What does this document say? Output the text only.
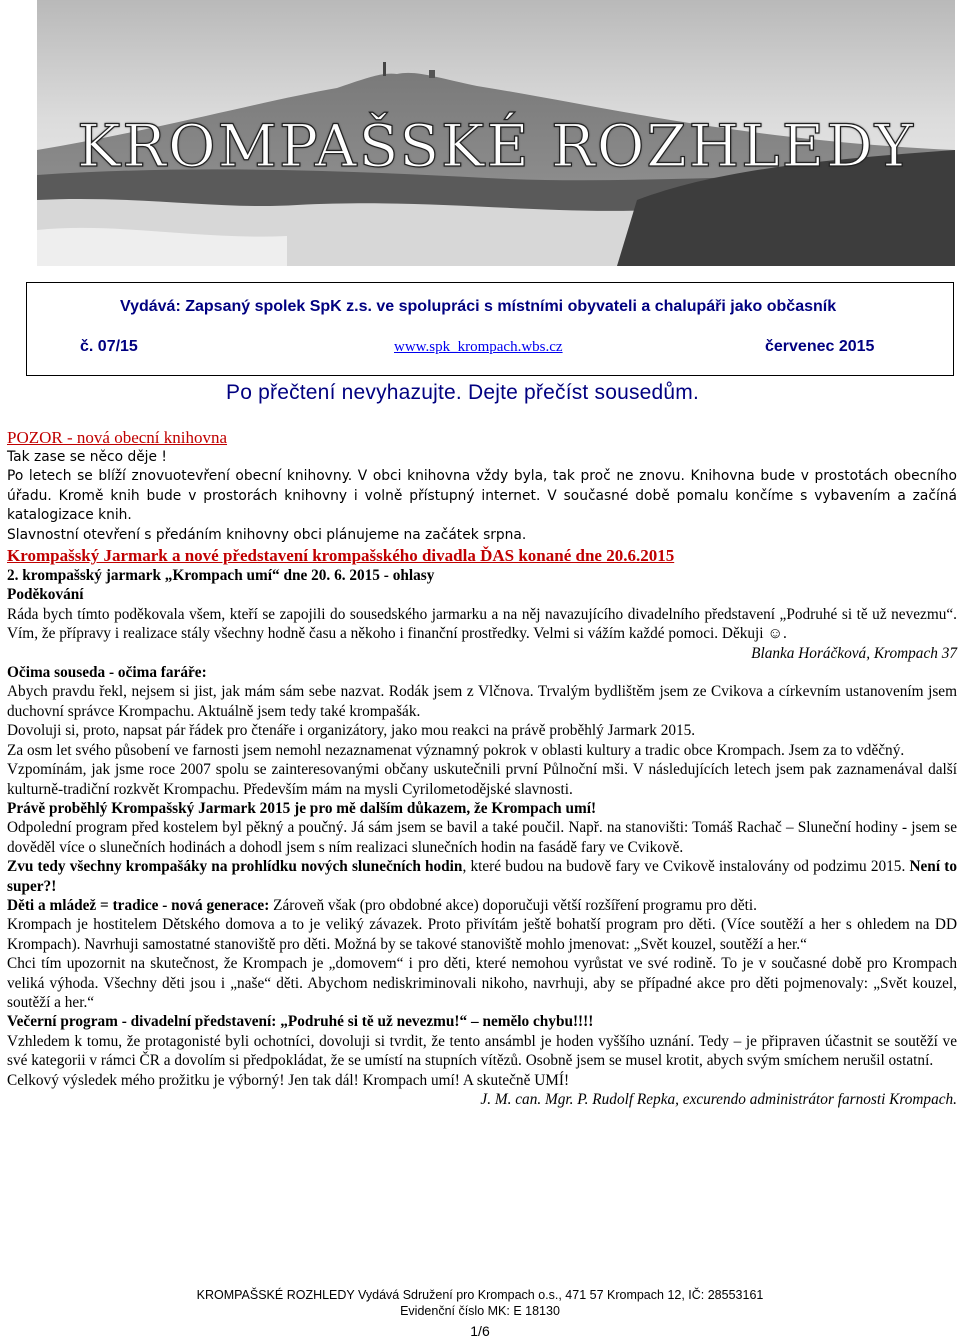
KROMPAŠSKÉ ROZHLEDY
Vydává: Zapsaný spolek SpK z.s. ve spolupráci s místními obyvateli a chalupáři jako občasník
č. 07/15	www.spk_krompach.wbs.cz	červenec 2015
Po přečtení nevyhazujte. Dejte přečíst sousedům.

POZOR - nová obecní knihovna

Tak zase se něco děje !

Po letech se blíží znovuotevření obecní knihovny. V obci knihovna vždy byla, tak proč ne znovu. Knihovna bude v prostotách obecního úřadu. Kromě knih bude v prostorách knihovny i volně přístupný internet. V současné době pomalu končíme s vybavením a začíná katalogizace knih.

Slavnostní otevření s předáním knihovny obci plánujeme na začátek srpna.

Krompašský Jarmark a nové představení krompašského divadla ĎAS konané dne 20.6.2015

2. krompašský jarmark „Krompach umí“ dne 20. 6. 2015 - ohlasy

Poděkování

Ráda bych tímto poděkovala všem, kteří se zapojili do sousedského jarmarku a na něj navazujícího divadelního představení „Podruhé si tě už nevezmu“. Vím, že přípravy i realizace stály všechny hodně času a někoho i finanční prostředky. Velmi si vážím každé pomoci. Děkuji ☺.

Blanka Horáčková, Krompach 37

Očima souseda - očima faráře:

Abych pravdu řekl, nejsem si jist, jak mám sám sebe nazvat. Rodák jsem z Vlčnova. Trvalým bydlištěm jsem ze Cvikova a církevním ustanovením jsem duchovní správce Krompachu. Aktuálně jsem tedy také krompašák.

Dovoluji si, proto, napsat pár řádek pro čtenáře i organizátory, jako mou reakci na právě proběhlý Jarmark 2015.

Za osm let svého působení ve farnosti jsem nemohl nezaznamenat významný pokrok v oblasti kultury a tradic obce Krompach. Jsem za to vděčný.

Vzpomínám, jak jsme roce 2007 spolu se zainteresovanými občany uskutečnili první Půlnoční mši. V následujících letech jsem pak zaznamenával další kulturně-tradiční rozkvět Krompachu. Především mám na mysli Cyrilometodějské slavnosti.

Právě proběhlý Krompašský Jarmark 2015 je pro mě dalším důkazem, že Krompach umí!

Odpolední program před kostelem byl pěkný a poučný. Já sám jsem se bavil a také poučil. Např. na stanovišti: Tomáš Rachač – Sluneční hodiny - jsem se dověděl více o slunečních hodinách a dohodl jsem s ním realizaci slunečních hodin na fasádě fary ve Cvikově.

Zvu tedy všechny krompašáky na prohlídku nových slunečních hodin, které budou na budově fary ve Cvikově instalovány od podzimu 2015. Není to super?!

Děti a mládež = tradice - nová generace: Zároveň však (pro obdobné akce) doporučuji větší rozšíření programu pro děti.

Krompach je hostitelem Dětského domova a to je veliký závazek. Proto přivítám ještě bohatší program pro děti. (Více soutěží a her s ohledem na DD Krompach). Navrhuji samostatné stanoviště pro děti. Možná by se takové stanoviště mohlo jmenovat: „Svět kouzel, soutěží a her.“

Chci tím upozornit na skutečnost, že Krompach je „domovem“ i pro děti, které nemohou vyrůstat ve své rodině. To je v současné době pro Krompach veliká výhoda. Všechny děti jsou i „naše“ děti. Abychom nediskriminovali nikoho, navrhuji, aby se případné akce pro děti pojmenovaly: „Svět kouzel, soutěží a her.“

Večerní program - divadelní představení: „Podruhé si tě už nevezmu!“ – nemělo chybu!!!!

Vzhledem k tomu, že protagonisté byli ochotníci, dovoluji si tvrdit, že tento ansámbl je hoden vyššího uznání. Tedy – je připraven účastnit se soutěží ve své kategorii v rámci ČR a dovolím si předpokládat, že se umístí na stupních vítězů. Osobně jsem se musel krotit, abych svým smíchem nerušil ostatní.

Celkový výsledek mého prožitku je výborný! Jen tak dál! Krompach umí! A skutečně UMÍ!

J. M. can. Mgr. P. Rudolf Repka, excurendo administrátor farnosti Krompach.

KROMPAŠSKÉ ROZHLEDY Vydává Sdružení pro Krompach o.s., 471 57 Krompach 12, IČ: 28553161
Evidenční číslo MK: E 18130
1/6
